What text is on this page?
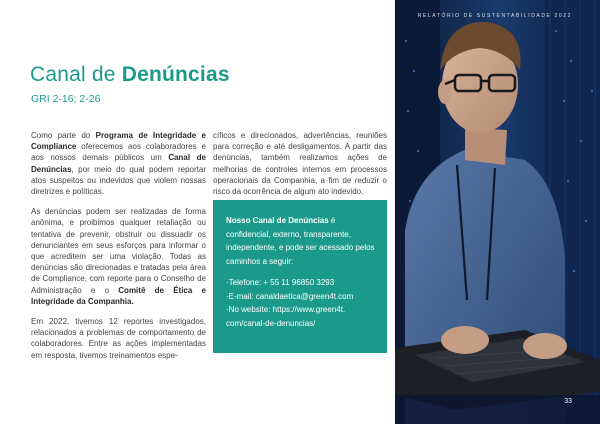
Canal de Denúncias
GRI 2-16; 2-26

Como parte do Programa de Integridade e Compliance oferecemos aos colaboradores e aos nossos demais públicos um Canal de Denúncias, por meio do qual podem reportar atos suspeitos ou indevidos que violem nossas diretrizes e políticas.

As denúncias podem ser realizadas de forma anônima, e proibimos qualquer retaliação ou tentativa de prevenir, obstruir ou dissuadir os denunciantes em seus esforços para informar o que acreditem ser uma violação. Todas as denúncias são direcionadas e tratadas pela área de Compliance, com reporte para o Conselho de Administração e o Comitê de Ética e Integridade da Companhia.

Em 2022, tivemos 12 reportes investigados, relacionados a problemas de comportamento de colaboradores. Entre as ações implementadas em resposta, tivemos treinamentos espe-

cíficos e direcionados, advertências, reuniões para correção e até desligamentos. A partir das denúncias, também realizamos ações de melhorias de controles internos em processos operacionais da Companhia, a fim de reduzir o risco da ocorrência de algum ato indevido.

Nosso Canal de Denúncias é confidencial, externo, transparente, independente, e pode ser acessado pelos caminhos a seguir:

·Telefone: + 55 11 96850 3293

·E-mail: canaldaetica@green4t.com

·No website: https://www.green4t.
com/canal-de-denuncias/

RELATÓRIO DE SUSTENTABILIDADE 2022
33
